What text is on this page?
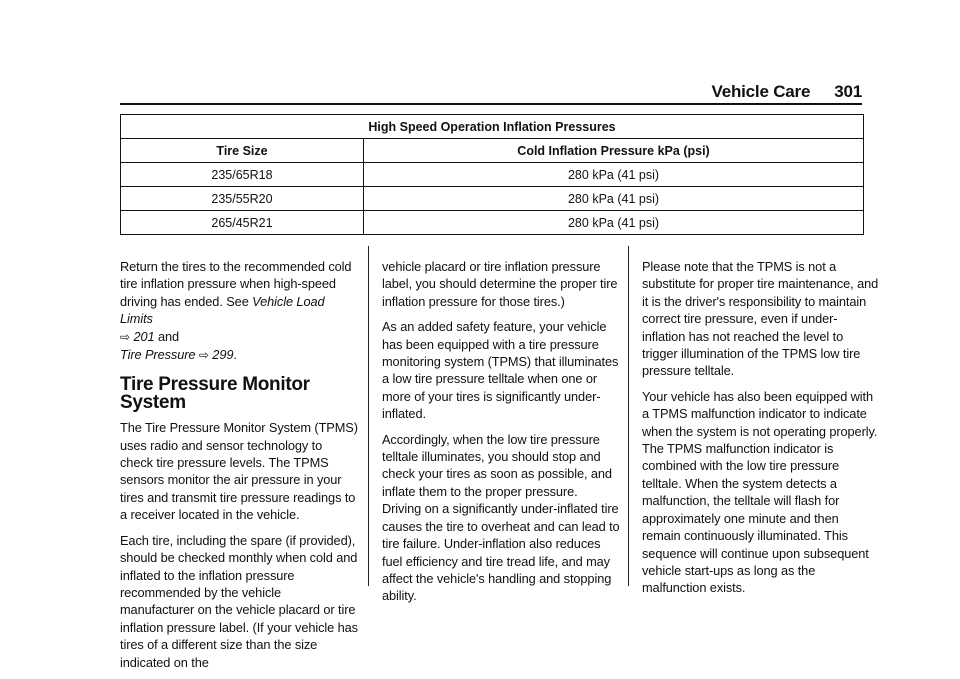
Vehicle Care 301
High Speed Operation Inflation Pressures	
Tire Size	Cold Inflation Pressure kPa (psi)
235/65R18	280 kPa (41 psi)
235/55R20	280 kPa (41 psi)
265/45R21	280 kPa (41 psi)

Return the tires to the recommended cold tire inflation pressure when high-speed driving has ended. See Vehicle Load Limits
⇨ 201 and
Tire Pressure ⇨ 299.

Tire Pressure Monitor System

The Tire Pressure Monitor System (TPMS) uses radio and sensor technology to check tire pressure levels. The TPMS sensors monitor the air pressure in your tires and transmit tire pressure readings to a receiver located in the vehicle.

Each tire, including the spare (if provided), should be checked monthly when cold and inflated to the inflation pressure recommended by the vehicle manufacturer on the vehicle placard or tire inflation pressure label. (If your vehicle has tires of a different size than the size indicated on the

vehicle placard or tire inflation pressure label, you should determine the proper tire inflation pressure for those tires.)

As an added safety feature, your vehicle has been equipped with a tire pressure monitoring system (TPMS) that illuminates a low tire pressure telltale when one or more of your tires is significantly under-inflated.

Accordingly, when the low tire pressure telltale illuminates, you should stop and check your tires as soon as possible, and inflate them to the proper pressure. Driving on a significantly under-inflated tire causes the tire to overheat and can lead to tire failure. Under-inflation also reduces fuel efficiency and tire tread life, and may affect the vehicle's handling and stopping ability.

Please note that the TPMS is not a substitute for proper tire maintenance, and it is the driver's responsibility to maintain correct tire pressure, even if under-inflation has not reached the level to trigger illumination of the TPMS low tire pressure telltale.

Your vehicle has also been equipped with a TPMS malfunction indicator to indicate when the system is not operating properly. The TPMS malfunction indicator is combined with the low tire pressure telltale. When the system detects a malfunction, the telltale will flash for approximately one minute and then remain continuously illuminated. This sequence will continue upon subsequent vehicle start-ups as long as the malfunction exists.
